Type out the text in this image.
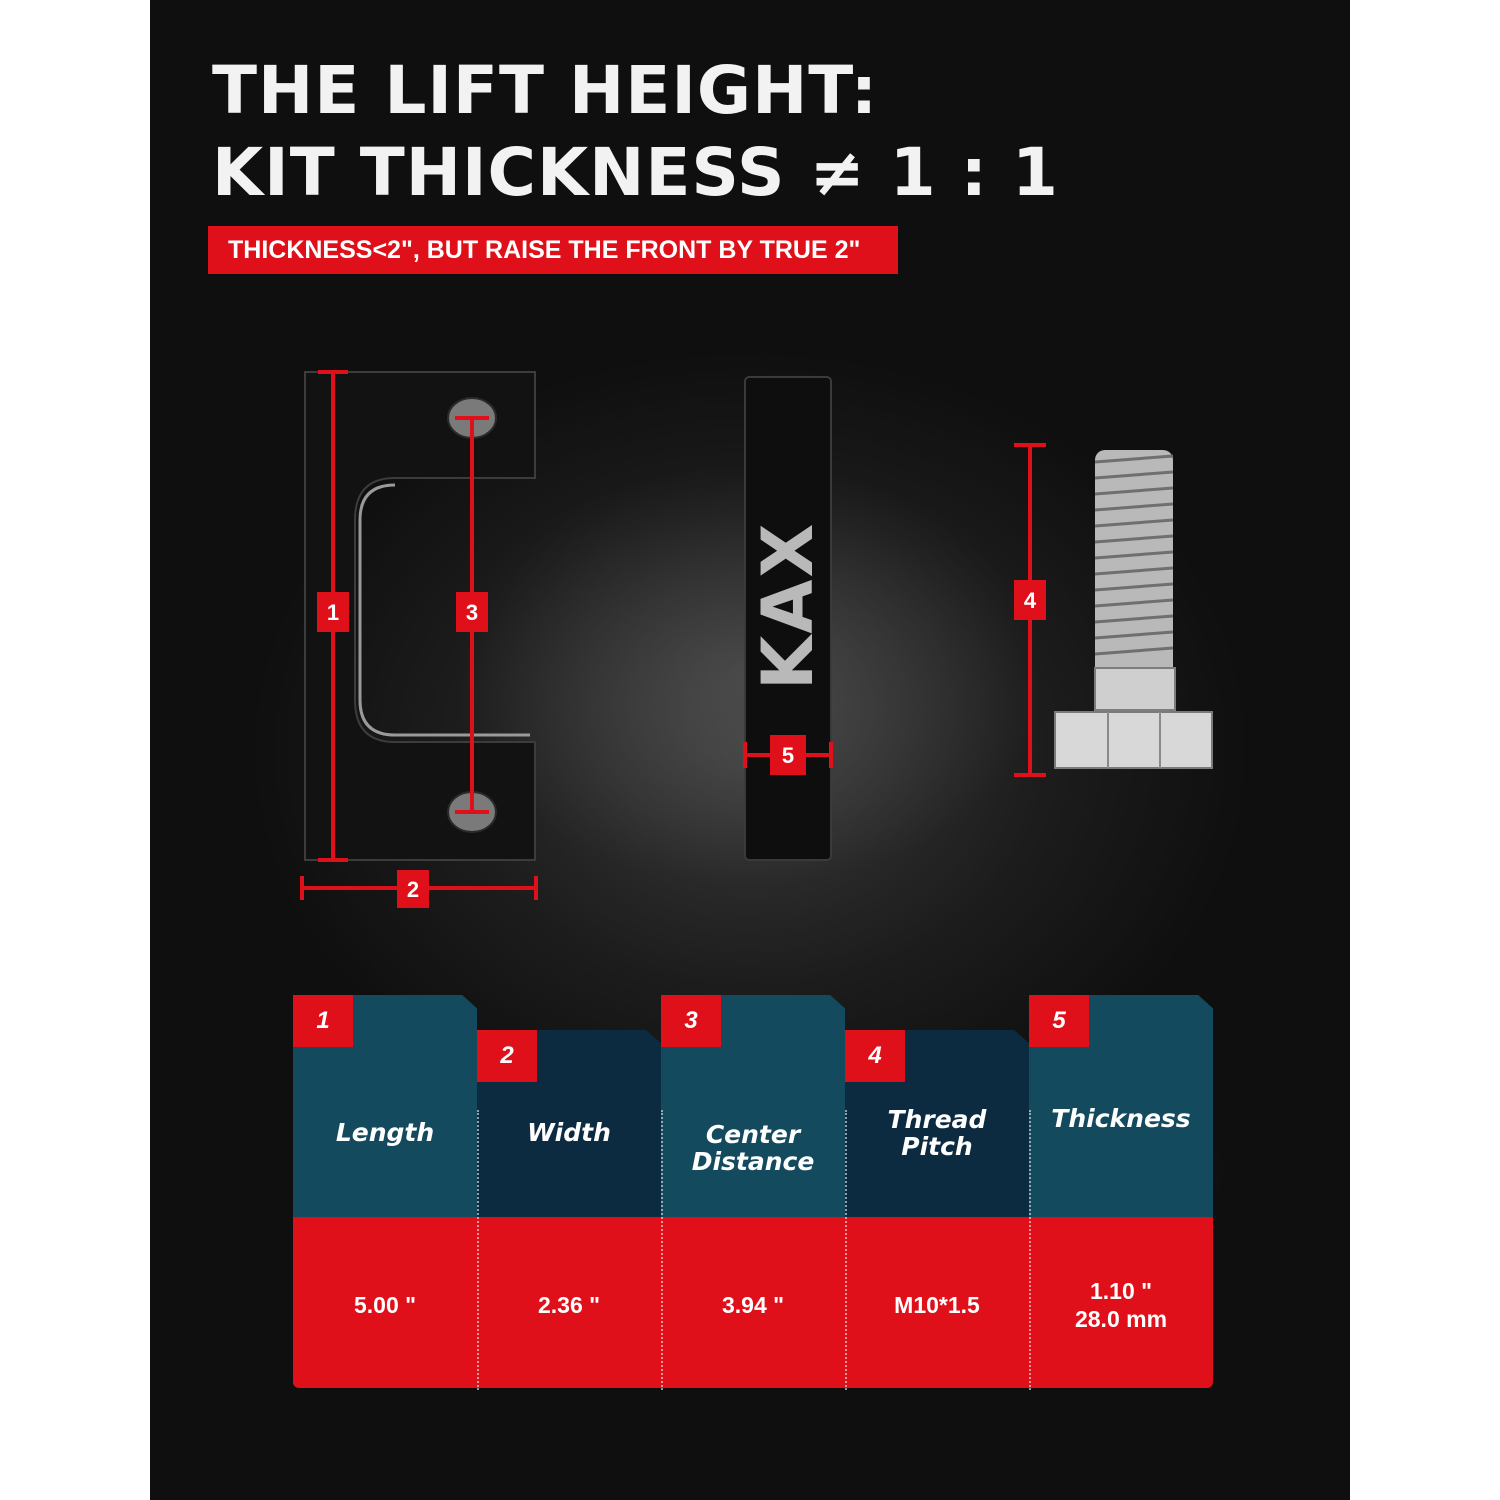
THE LIFT HEIGHT:
KIT THICKNESS ≠ 1 : 1
THICKNESS<2", BUT RAISE THE FRONT BY TRUE 2"
KAX
1
2
3	4
5
1
Length
5.00 "
2
Width
2.36 "
3
Center
Distance
3.94 "
4
Thread
Pitch
M10*1.5
5
Thickness
1.10 "
28.0 mm
